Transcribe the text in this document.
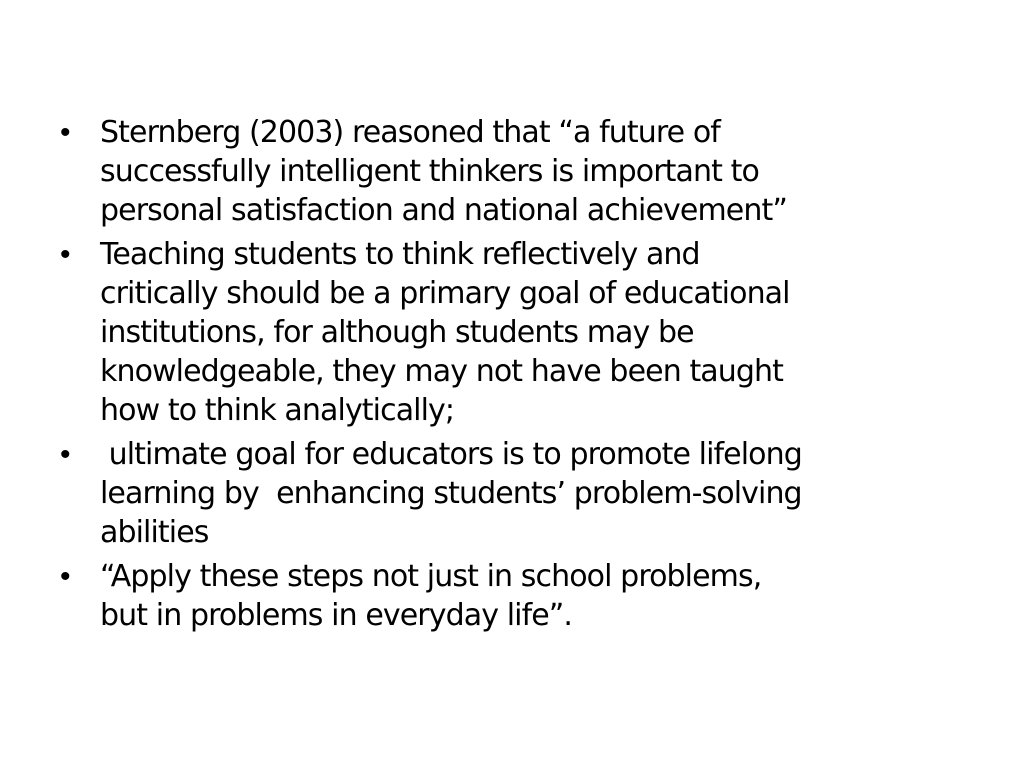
• Sternberg (2003) reasoned that “a future of
successfully intelligent thinkers is important to
personal satisfaction and national achievement”
• Teaching students to think reflectively and
critically should be a primary goal of educational
institutions, for although students may be
knowledgeable, they may not have been taught
how to think analytically;
• ultimate goal for educators is to promote lifelong
learning by  enhancing students’ problem-solving
abilities
• “Apply these steps not just in school problems,
but in problems in everyday life”.
